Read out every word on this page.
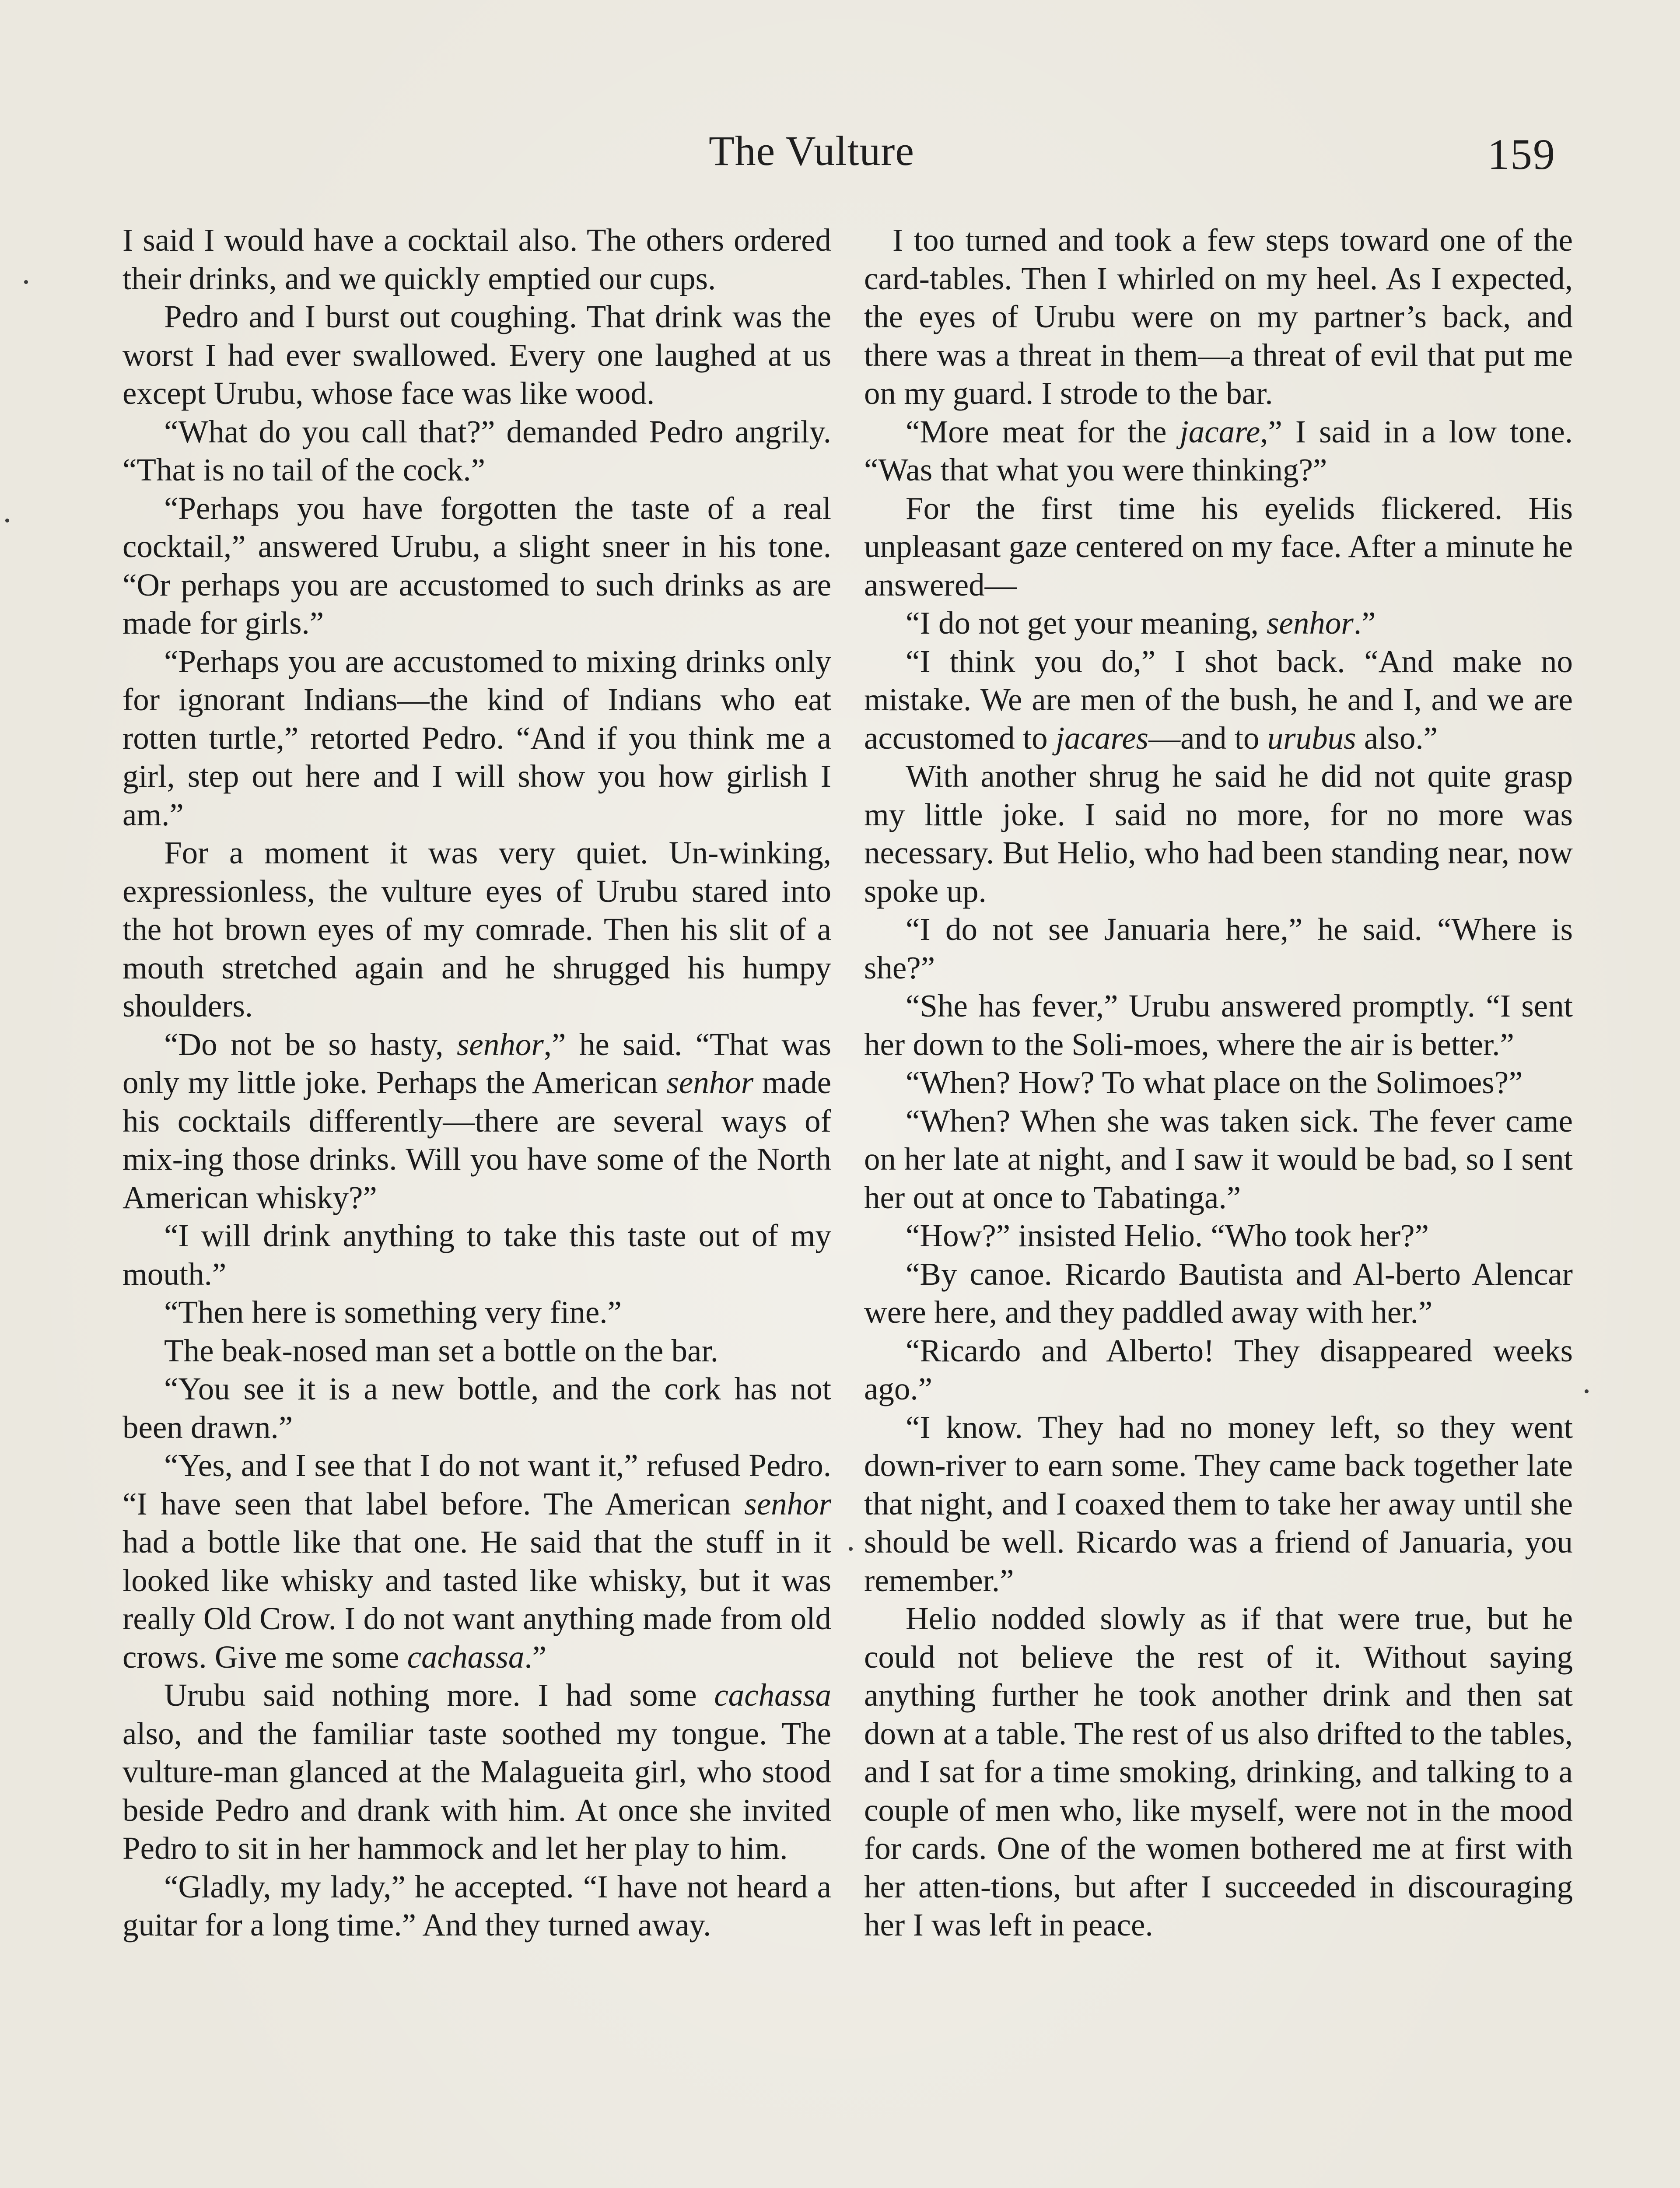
The Vulture	159

I said I would have a cocktail also. The others ordered their drinks, and we quickly emptied our cups.

Pedro and I burst out coughing. That drink was the worst I had ever swallowed. Every one laughed at us except Urubu, whose face was like wood.

“What do you call that?” demanded Pedro angrily. “That is no tail of the cock.”

“Perhaps you have forgotten the taste of a real cocktail,” answered Urubu, a slight sneer in his tone. “Or perhaps you are accustomed to such drinks as are made for girls.”

“Perhaps you are accustomed to mixing drinks only for ignorant Indians—the kind of Indians who eat rotten turtle,” retorted Pedro. “And if you think me a girl, step out here and I will show you how girlish I am.”

For a moment it was very quiet. Un-winking, expressionless, the vulture eyes of Urubu stared into the hot brown eyes of my comrade. Then his slit of a mouth stretched again and he shrugged his humpy shoulders.

“Do not be so hasty, senhor,” he said. “That was only my little joke. Perhaps the American senhor made his cocktails differently—there are several ways of mix-ing those drinks. Will you have some of the North American whisky?”

“I will drink anything to take this taste out of my mouth.”

“Then here is something very fine.”

The beak-nosed man set a bottle on the bar.

“You see it is a new bottle, and the cork has not been drawn.”

“Yes, and I see that I do not want it,” refused Pedro. “I have seen that label before. The American senhor had a bottle like that one. He said that the stuff in it looked like whisky and tasted like whisky, but it was really Old Crow. I do not want anything made from old crows. Give me some cachassa.”

Urubu said nothing more. I had some cachassa also, and the familiar taste soothed my tongue. The vulture-man glanced at the Malagueita girl, who stood beside Pedro and drank with him. At once she invited Pedro to sit in her hammock and let her play to him.

“Gladly, my lady,” he accepted. “I have not heard a guitar for a long time.” And they turned away.

I too turned and took a few steps toward one of the card-tables. Then I whirled on my heel. As I expected, the eyes of Urubu were on my partner’s back, and there was a threat in them—a threat of evil that put me on my guard. I strode to the bar.

“More meat for the jacare,” I said in a low tone. “Was that what you were thinking?”

For the first time his eyelids flickered. His unpleasant gaze centered on my face. After a minute he answered—

“I do not get your meaning, senhor.”

“I think you do,” I shot back. “And make no mistake. We are men of the bush, he and I, and we are accustomed to jacares—and to urubus also.”

With another shrug he said he did not quite grasp my little joke. I said no more, for no more was necessary. But Helio, who had been standing near, now spoke up.

“I do not see Januaria here,” he said. “Where is she?”

“She has fever,” Urubu answered promptly. “I sent her down to the Soli-moes, where the air is better.”

“When? How? To what place on the Solimoes?”

“When? When she was taken sick. The fever came on her late at night, and I saw it would be bad, so I sent her out at once to Tabatinga.”

“How?” insisted Helio. “Who took her?”

“By canoe. Ricardo Bautista and Al-berto Alencar were here, and they paddled away with her.”

“Ricardo and Alberto! They disappeared weeks ago.”

“I know. They had no money left, so they went down-river to earn some. They came back together late that night, and I coaxed them to take her away until she should be well. Ricardo was a friend of Januaria, you remember.”

Helio nodded slowly as if that were true, but he could not believe the rest of it. Without saying anything further he took another drink and then sat down at a table. The rest of us also drifted to the tables, and I sat for a time smoking, drinking, and talking to a couple of men who, like myself, were not in the mood for cards. One of the women bothered me at first with her atten-tions, but after I succeeded in discouraging her I was left in peace.
